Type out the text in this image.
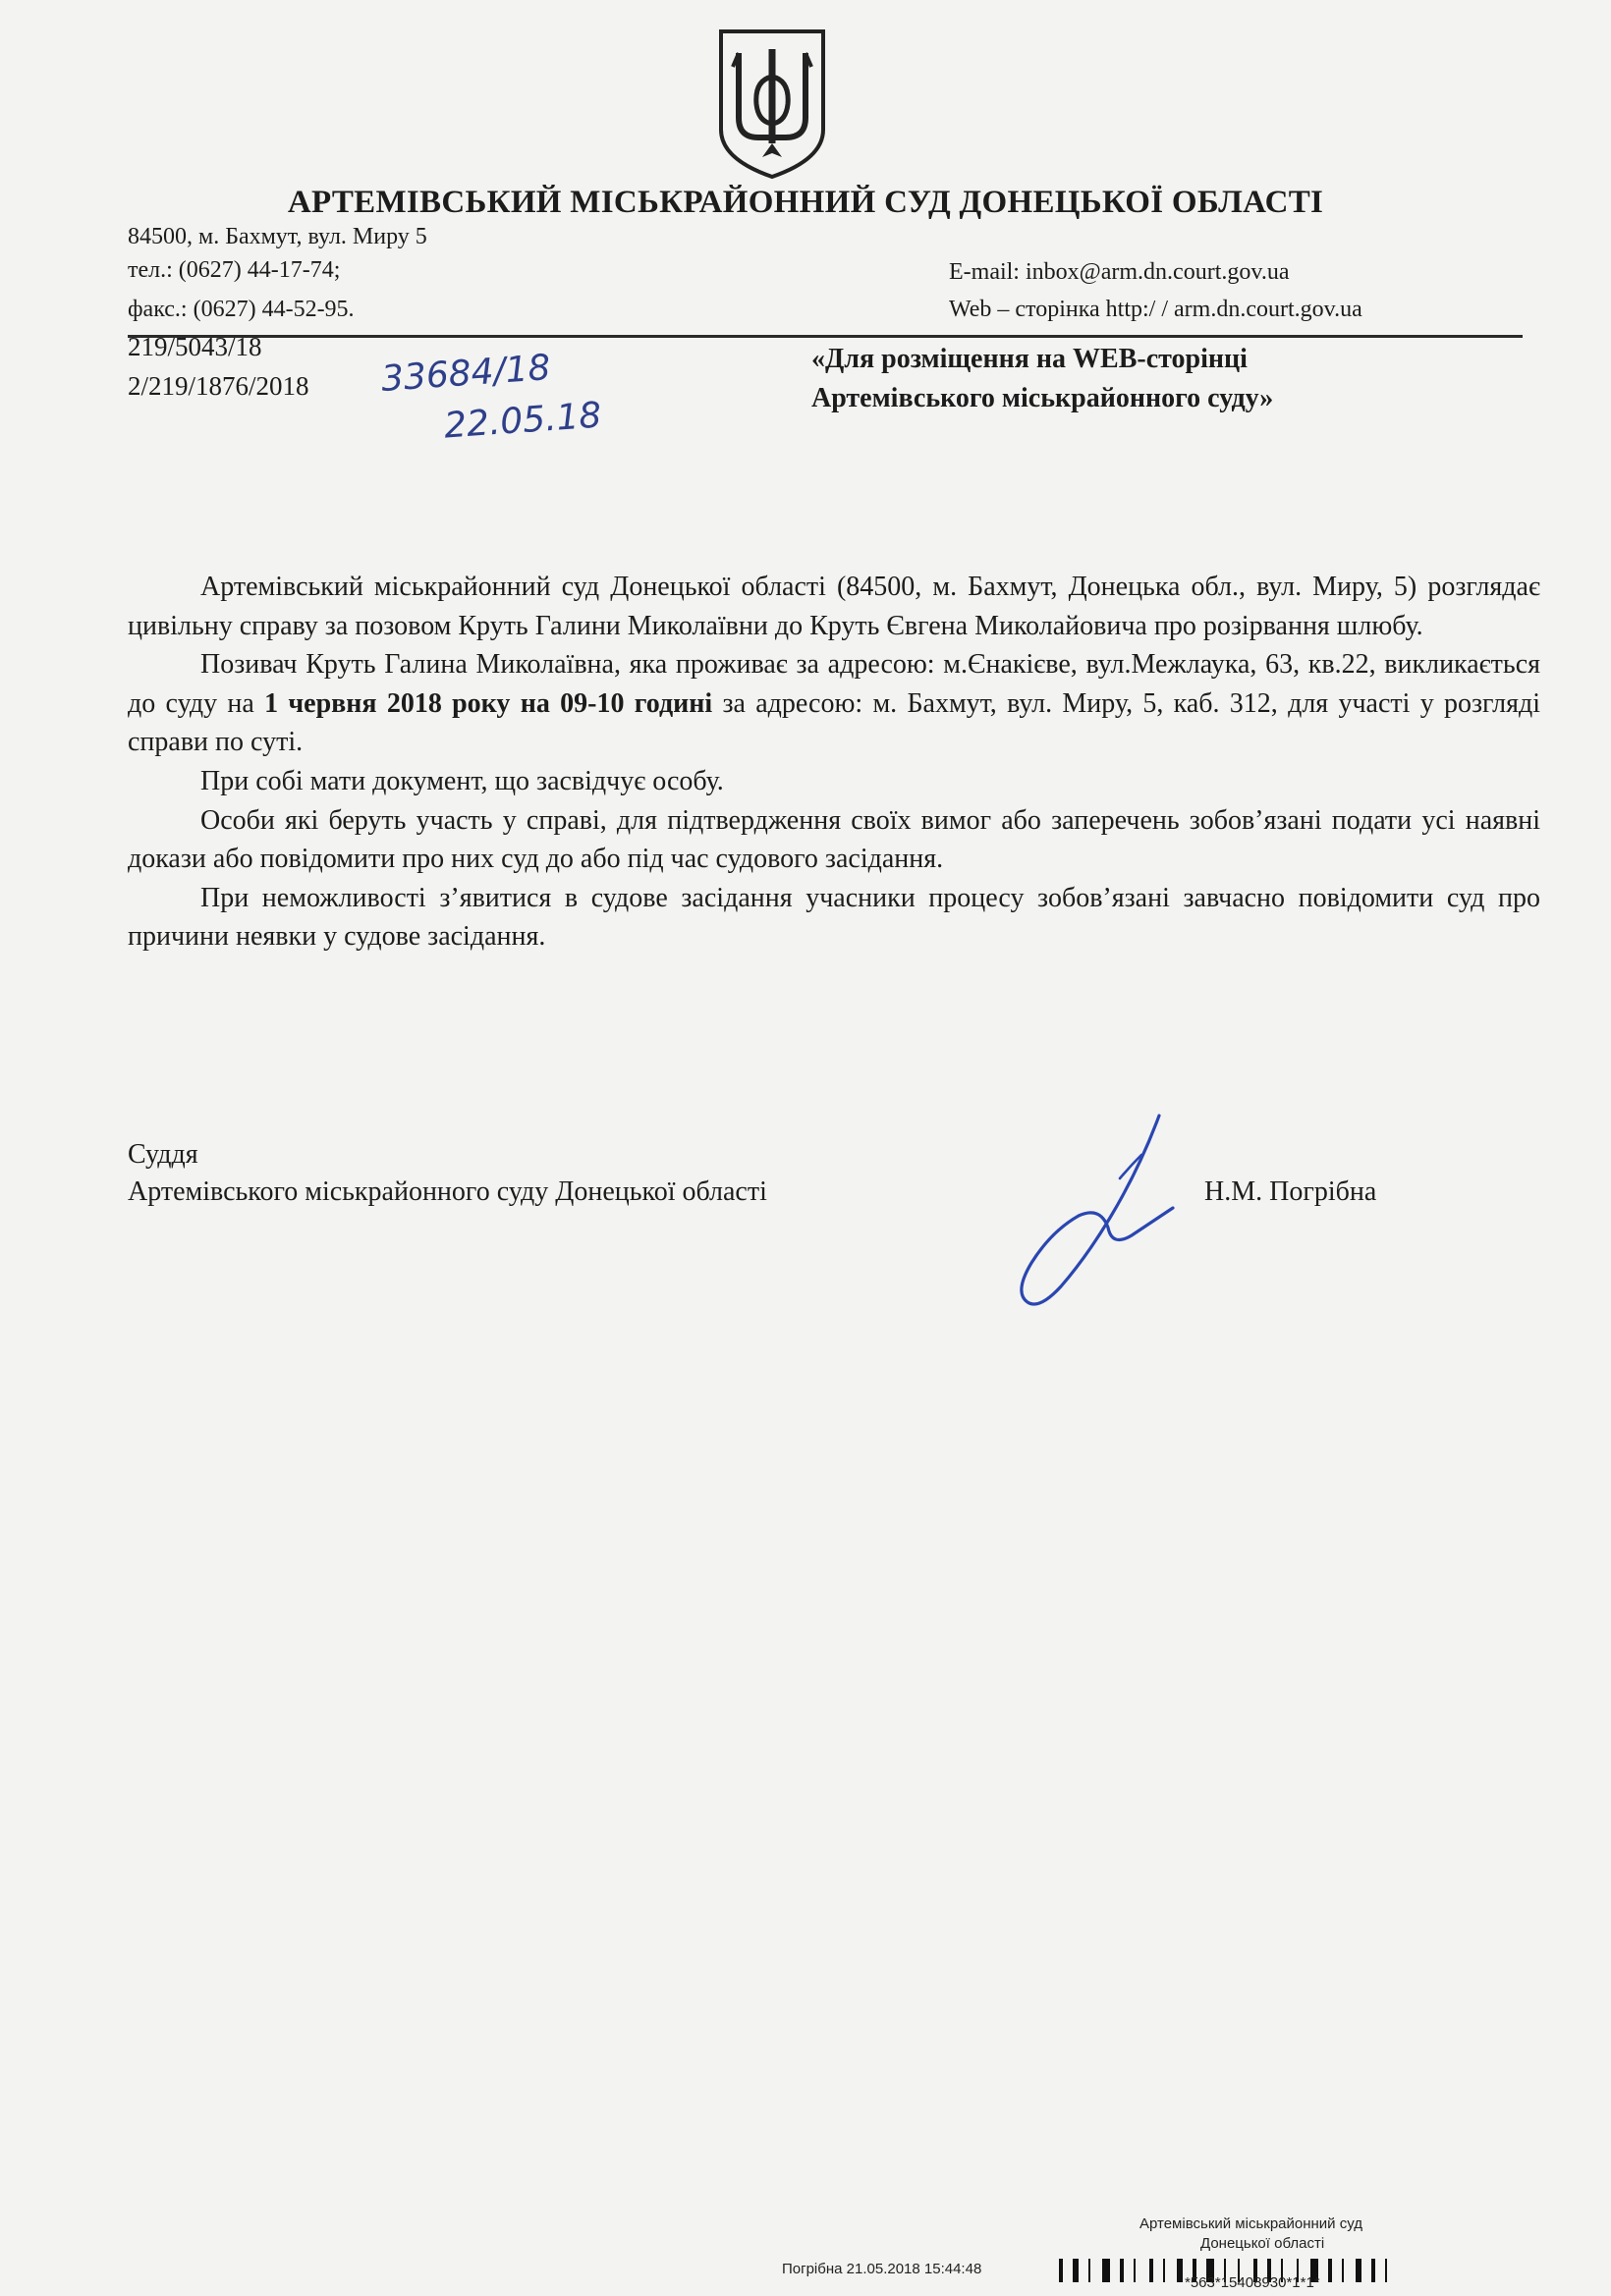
АРТЕМІВСЬКИЙ МІСЬКРАЙОННИЙ СУД ДОНЕЦЬКОЇ ОБЛАСТІ
84500, м. Бахмут, вул. Миру 5
тел.: (0627) 44-17-74;
факс.: (0627) 44-52-95.
E-mail: inbox@arm.dn.court.gov.ua
Web – сторінка http:/ / arm.dn.court.gov.ua
219/5043/18
2/219/1876/2018
«Для розміщення на WEB-сторінці
Артемівського міськрайонного суду»
33684/18
22.05.18

Артемівський міськрайонний суд Донецької області (84500, м. Бахмут, Донецька обл., вул. Миру, 5) розглядає цивільну справу за позовом Круть Галини Миколаївни до Круть Євгена Миколайовича про розірвання шлюбу.

Позивач Круть Галина Миколаївна, яка проживає за адресою: м.Єнакієве, вул.Межлаука, 63, кв.22, викликається до суду на 1 червня 2018 року на 09-10 годині за адресою: м. Бахмут, вул. Миру, 5, каб. 312, для участі у розгляді справи по суті.

При собі мати документ, що засвідчує особу.

Особи які беруть участь у справі, для підтвердження своїх вимог або заперечень зобов’язані подати усі наявні докази або повідомити про них суд до або під час судового засідання.

При неможливості з’явитися в судове засідання учасники процесу зобов’язані завчасно повідомити суд про причини неявки у судове засідання.

Суддя
Артемівського міськрайонного суду Донецької області	Н.М. Погрібна
Артемівський міськрайонний суд
Донецької області
Погрібна 21.05.2018 15:44:48
*563*15408930*1*1*
